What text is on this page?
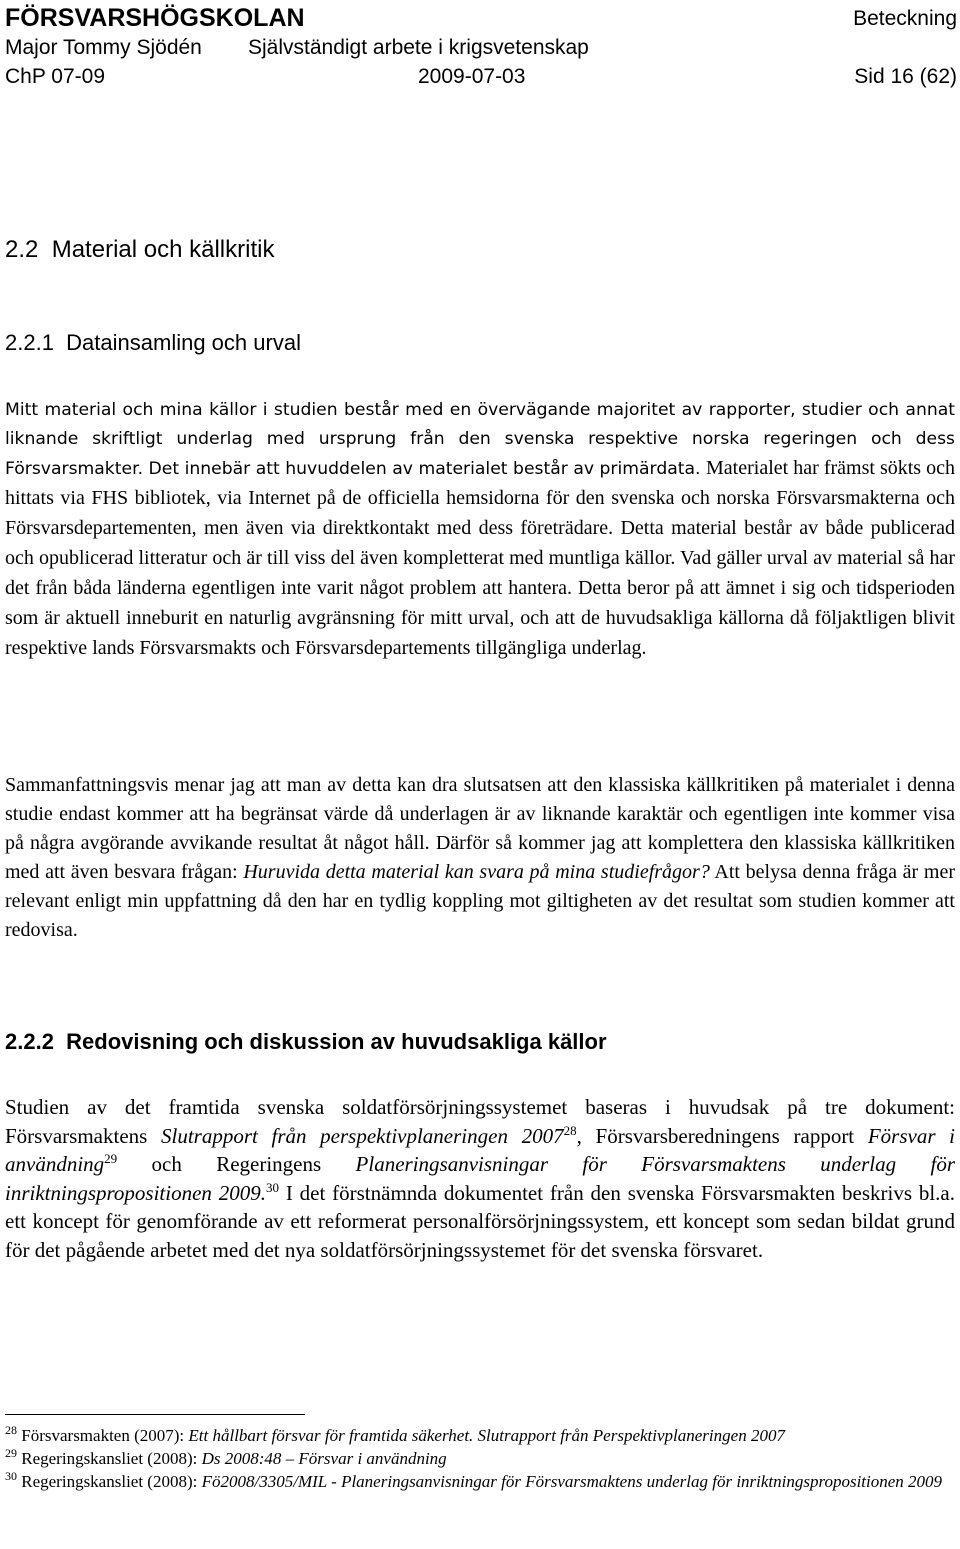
FÖRSVARSHÖGSKOLAN	Beteckning
Major Tommy Sjödén Självständigt arbete i krigsvetenskap
ChP 07-09	2009-07-03	Sid 16 (62)
2.2 Material och källkritik
2.2.1 Datainsamling och urval
Mitt material och mina källor i studien består med en övervägande majoritet av rapporter, studier och annat liknande skriftligt underlag med ursprung från den svenska respektive norska regeringen och dess Försvarsmakter. Det innebär att huvuddelen av materialet består av primärdata. Materialet har främst sökts och hittats via FHS bibliotek, via Internet på de officiella hemsidorna för den svenska och norska Försvarsmakterna och Försvarsdepartementen, men även via direktkontakt med dess företrädare. Detta material består av både publicerad och opublicerad litteratur och är till viss del även kompletterat med muntliga källor. Vad gäller urval av material så har det från båda länderna egentligen inte varit något problem att hantera. Detta beror på att ämnet i sig och tidsperioden som är aktuell inneburit en naturlig avgränsning för mitt urval, och att de huvudsakliga källorna då följaktligen blivit respektive lands Försvarsmakts och Försvarsdepartements tillgängliga underlag.
Sammanfattningsvis menar jag att man av detta kan dra slutsatsen att den klassiska källkritiken på materialet i denna studie endast kommer att ha begränsat värde då underlagen är av liknande karaktär och egentligen inte kommer visa på några avgörande avvikande resultat åt något håll. Därför så kommer jag att komplettera den klassiska källkritiken med att även besvara frågan: Huruvida detta material kan svara på mina studiefrågor? Att belysa denna fråga är mer relevant enligt min uppfattning då den har en tydlig koppling mot giltigheten av det resultat som studien kommer att redovisa.
2.2.2 Redovisning och diskussion av huvudsakliga källor
Studien av det framtida svenska soldatförsörjningssystemet baseras i huvudsak på tre dokument: Försvarsmaktens Slutrapport från perspektivplaneringen 2007$^{28}$, Försvarsberedningens rapport Försvar i användning$^{29}$ och Regeringens Planeringsanvisningar för Försvarsmaktens underlag för inriktningspropositionen 2009.30 I det förstnämnda dokumentet från den svenska Försvarsmakten beskrivs bl.a. ett koncept för genomförande av ett reformerat personalförsörjningssystem, ett koncept som sedan bildat grund för det pågående arbetet med det nya soldatförsörjningssystemet för det svenska försvaret.

$^{28}$ Försvarsmakten (2007): Ett hållbart försvar för framtida säkerhet. Slutrapport från Perspektivplaneringen 2007

$^{29}$ Regeringskansliet (2008): Ds 2008:48 – Försvar i användning

$^{30}$ Regeringskansliet (2008): Fö2008/3305/MIL - Planeringsanvisningar för Försvarsmaktens underlag för inriktningspropositionen 2009
